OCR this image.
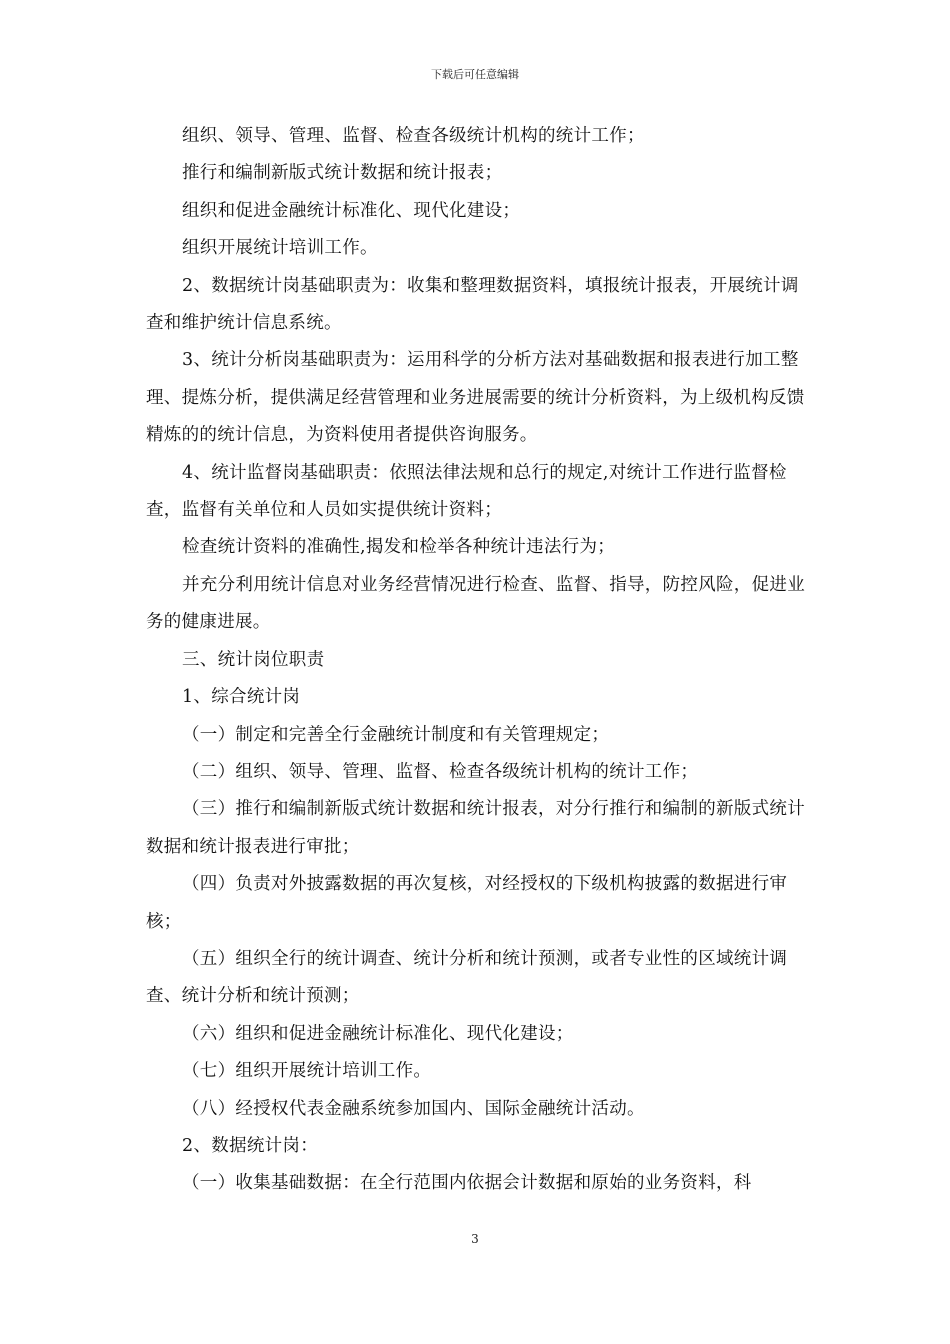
下载后可任意编辑

组织、领导、管理、监督、检查各级统计机构的统计工作；

推行和编制新版式统计数据和统计报表；

组织和促进金融统计标准化、现代化建设；

组织开展统计培训工作。

2、数据统计岗基础职责为：收集和整理数据资料，填报统计报表，开展统计调查和维护统计信息系统。

3、统计分析岗基础职责为：运用科学的分析方法对基础数据和报表进行加工整理、提炼分析，提供满足经营管理和业务进展需要的统计分析资料，为上级机构反馈精炼的的统计信息，为资料使用者提供咨询服务。

4、统计监督岗基础职责：依照法律法规和总行的规定,对统计工作进行监督检查，监督有关单位和人员如实提供统计资料；

检查统计资料的准确性,揭发和检举各种统计违法行为；

并充分利用统计信息对业务经营情况进行检查、监督、指导，防控风险，促进业务的健康进展。

三、统计岗位职责

1、综合统计岗

（一）制定和完善全行金融统计制度和有关管理规定；

（二）组织、领导、管理、监督、检查各级统计机构的统计工作；

（三）推行和编制新版式统计数据和统计报表，对分行推行和编制的新版式统计数据和统计报表进行审批；

（四）负责对外披露数据的再次复核，对经授权的下级机构披露的数据进行审核；

（五）组织全行的统计调查、统计分析和统计预测，或者专业性的区域统计调查、统计分析和统计预测；

（六）组织和促进金融统计标准化、现代化建设；

（七）组织开展统计培训工作。

（八）经授权代表金融系统参加国内、国际金融统计活动。

2、数据统计岗：

（一）收集基础数据：在全行范围内依据会计数据和原始的业务资料，科

3
